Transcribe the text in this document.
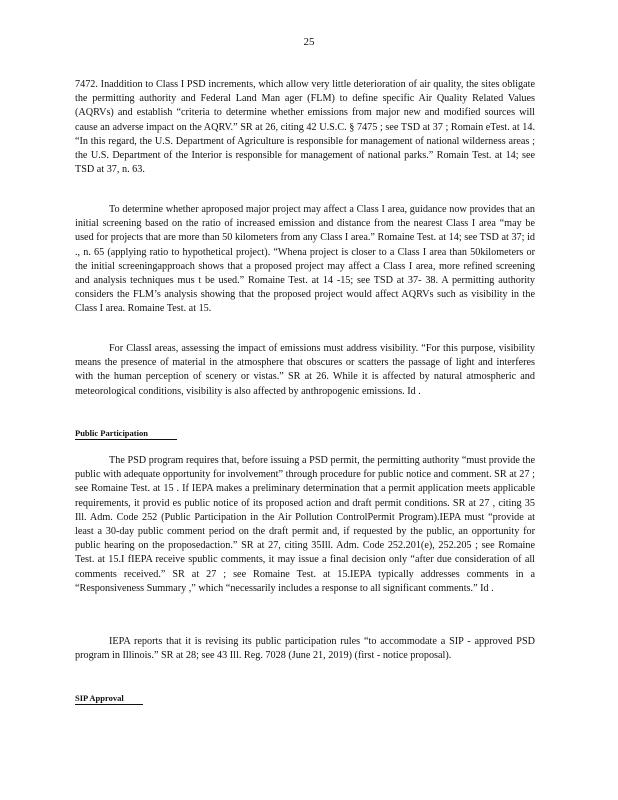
25

7472. Inaddition to Class I PSD increments, which allow very little deterioration of air quality, the sites obligate the permitting authority and Federal Land Man ager (FLM) to define specific Air Quality Related Values (AQRVs) and establish “criteria to determine whether emissions from major new and modified sources will cause an adverse impact on the AQRV.” SR at 26, citing 42 U.S.C. § 7475 ; see TSD at 37 ; Romain eTest. at 14. “In this regard, the U.S. Department of Agriculture is responsible for management of national wilderness areas ; the U.S. Department of the Interior is responsible for management of national parks.” Romain Test. at 14; see TSD at 37, n. 63.

To determine whether aproposed major project may affect a Class I area, guidance now provides that an initial screening based on the ratio of increased emission and distance from the nearest Class I area “may be used for projects that are more than 50 kilometers from any Class I area.” Romaine Test. at 14; see TSD at 37; id ., n. 65 (applying ratio to hypothetical project). “Whena project is closer to a Class I area than 50kilometers or the initial screeningapproach shows that a proposed project may affect a Class I area, more refined screening and analysis techniques mus t be used.” Romaine Test. at 14 -15; see TSD at 37- 38. A permitting authority considers the FLM’s analysis showing that the proposed project would affect AQRVs such as visibility in the Class I area. Romaine Test. at 15.

For ClassI areas, assessing the impact of emissions must address visibility. “For this purpose, visibility means the presence of material in the atmosphere that obscures or scatters the passage of light and interferes with the human perception of scenery or vistas.” SR at 26. While it is affected by natural atmospheric and meteorological conditions, visibility is also affected by anthropogenic emissions. Id .

Public Participation

The PSD program requires that, before issuing a PSD permit, the permitting authority “must provide the public with adequate opportunity for involvement” through procedure for public notice and comment. SR at 27 ; see Romaine Test. at 15 . If IEPA makes a preliminary determination that a permit application meets applicable requirements, it provid es public notice of its proposed action and draft permit conditions. SR at 27 , citing 35 Ill. Adm. Code 252 (Public Participation in the Air Pollution ControlPermit Program).IEPA must “provide at least a 30-day public comment period on the draft permit and, if requested by the public, an opportunity for public hearing on the proposedaction.” SR at 27, citing 35Ill. Adm. Code 252.201(e), 252.205 ; see Romaine Test. at 15.I fIEPA receive spublic comments, it may issue a final decision only “after due consideration of all comments received.” SR at 27 ; see Romaine Test. at 15.IEPA typically addresses comments in a “Responsiveness Summary ,” which “necessarily includes a response to all significant comments.” Id .

IEPA reports that it is revising its public participation rules “to accommodate a SIP - approved PSD program in Illinois.” SR at 28; see 43 Ill. Reg. 7028 (June 21, 2019) (first - notice proposal).

SIP Approval
